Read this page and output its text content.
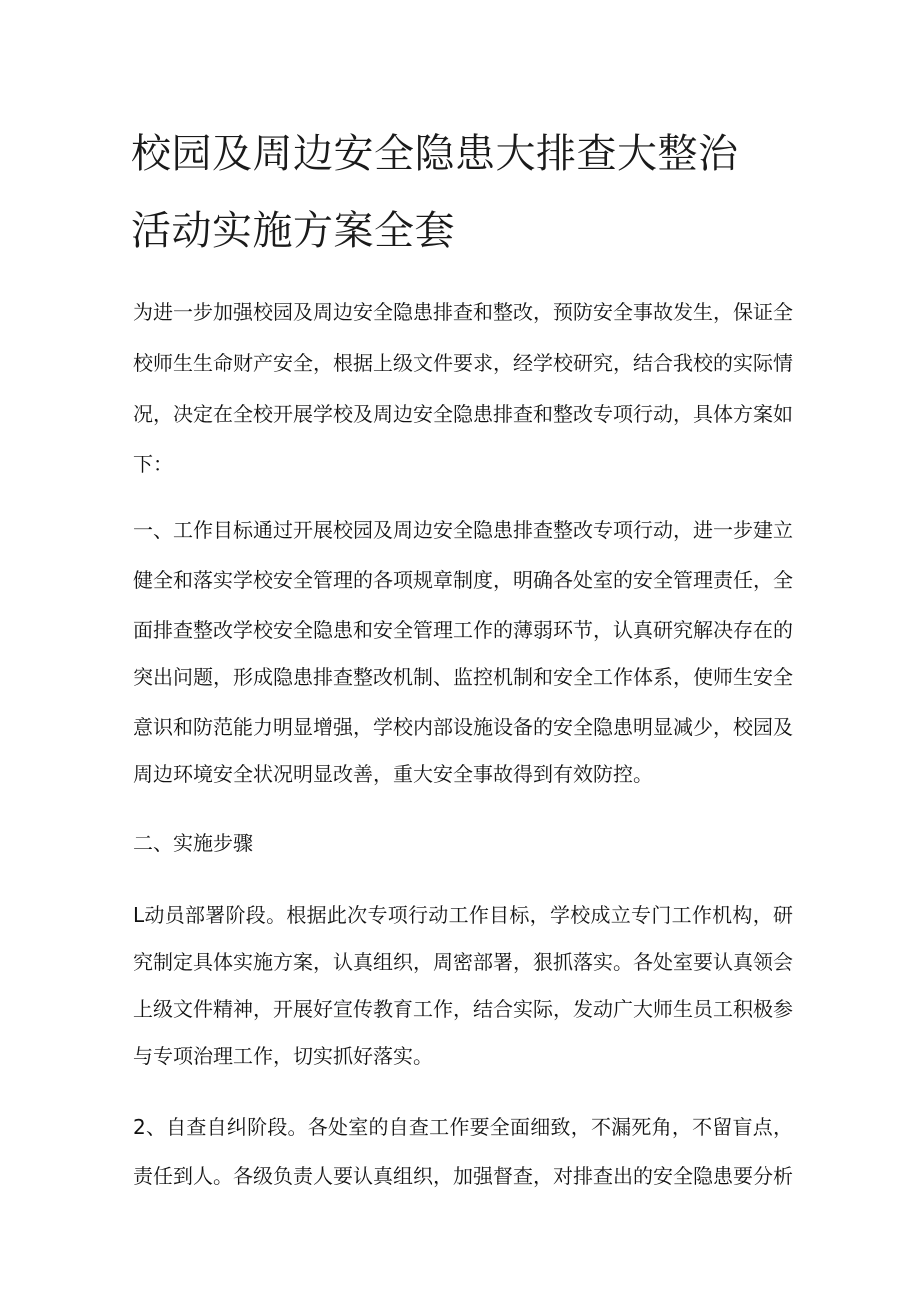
校园及周边安全隐患大排查大整治
活动实施方案全套

为进一步加强校园及周边安全隐患排查和整改，预防安全事故发生，保证全

校师生生命财产安全，根据上级文件要求，经学校研究，结合我校的实际情

况，决定在全校开展学校及周边安全隐患排查和整改专项行动，具体方案如

下：

一、工作目标通过开展校园及周边安全隐患排查整改专项行动，进一步建立

健全和落实学校安全管理的各项规章制度，明确各处室的安全管理责任，全

面排查整改学校安全隐患和安全管理工作的薄弱环节，认真研究解决存在的

突出问题，形成隐患排查整改机制、监控机制和安全工作体系，使师生安全

意识和防范能力明显增强，学校内部设施设备的安全隐患明显减少，校园及

周边环境安全状况明显改善，重大安全事故得到有效防控。

二、实施步骤

L动员部署阶段。根据此次专项行动工作目标，学校成立专门工作机构，研

究制定具体实施方案，认真组织，周密部署，狠抓落实。各处室要认真领会

上级文件精神，开展好宣传教育工作，结合实际，发动广大师生员工积极参

与专项治理工作，切实抓好落实。

2、自查自纠阶段。各处室的自查工作要全面细致，不漏死角，不留盲点，

责任到人。各级负责人要认真组织，加强督查，对排查出的安全隐患要分析
